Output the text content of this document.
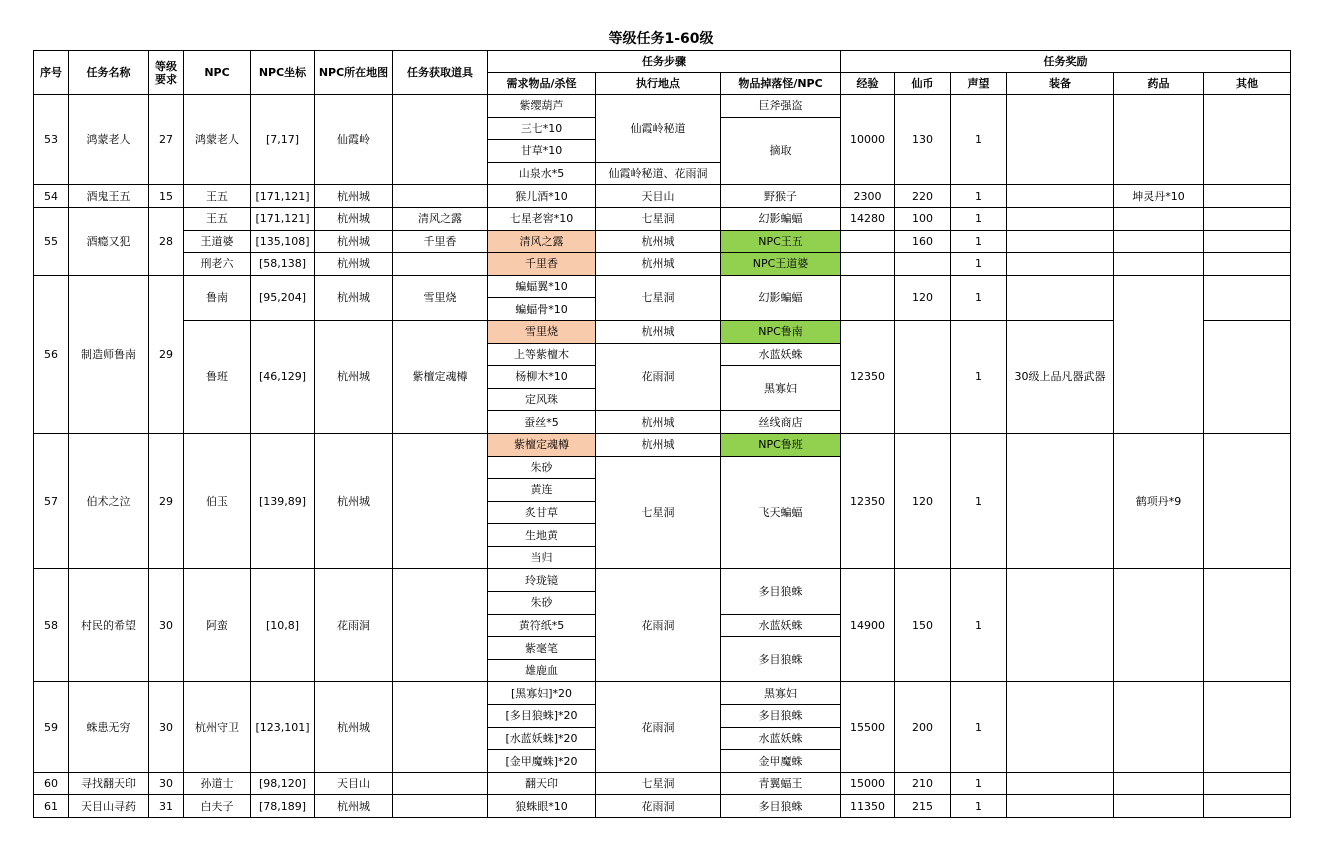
等级任务1-60级
序号	任务名称	等级要求	NPC	NPC坐标	NPC所在地图	任务获取道具	任务步骤			任务奖励					
							需求物品/杀怪	执行地点	物品掉落怪/NPC	经验	仙币	声望	装备	药品	其他
53	鸿蒙老人	27	鸿蒙老人	[7,17]	仙霞岭		紫缨葫芦	仙霞岭秘道	巨斧强盗	10000	130	1			
							三七*10		摘取						
							甘草*10								
							山泉水*5	仙霞岭秘道、花雨洞							
54	酒鬼王五	15	王五	[171,121]	杭州城		猴儿酒*10	天目山	野猴子	2300	220	1		坤灵丹*10	
55	酒瘾又犯	28	王五	[171,121]	杭州城	清风之露	七星老窖*10	七星洞	幻影蝙蝠	14280	100	1			
			王道婆	[135,108]	杭州城	千里香	清风之露	杭州城	NPC王五		160	1			
			刑老六	[58,138]	杭州城		千里香	杭州城	NPC王道婆			1			
56	制造师鲁南	29	鲁南	[95,204]	杭州城	雪里烧	蝙蝠翼*10	七星洞	幻影蝙蝠		120	1			
							蝙蝠骨*10								
			鲁班	[46,129]	杭州城	紫檀定魂樽	雪里烧	杭州城	NPC鲁南	12350		1	30级上品凡器武器		
							上等紫檀木	花雨洞	水蓝妖蛛						
							杨柳木*10		黑寡妇						
							定风珠								
							蚕丝*5	杭州城	丝线商店						
57	伯术之泣	29	伯玉	[139,89]	杭州城		紫檀定魂樽	杭州城	NPC鲁班	12350	120	1		鹤项丹*9	
							朱砂	七星洞	飞天蝙蝠						
							黄连								
							炙甘草								
							生地黄								
							当归								
58	村民的希望	30	阿蛮	[10,8]	花雨洞		玲珑镜	花雨洞	多目狼蛛	14900	150	1			
							朱砂								
							黄符纸*5		水蓝妖蛛						
							紫毫笔		多目狼蛛						
							雄鹿血								
59	蛛患无穷	30	杭州守卫	[123,101]	杭州城		[黑寡妇]*20	花雨洞	黑寡妇	15500	200	1			
							[多目狼蛛]*20		多目狼蛛						
							[水蓝妖蛛]*20		水蓝妖蛛						
							[金甲魔蛛]*20		金甲魔蛛						
60	寻找翻天印	30	孙道士	[98,120]	天目山		翻天印	七星洞	青翼蝠王	15000	210	1			
61	天目山寻药	31	白夫子	[78,189]	杭州城		狼蛛眼*10	花雨洞	多目狼蛛	11350	215	1			
